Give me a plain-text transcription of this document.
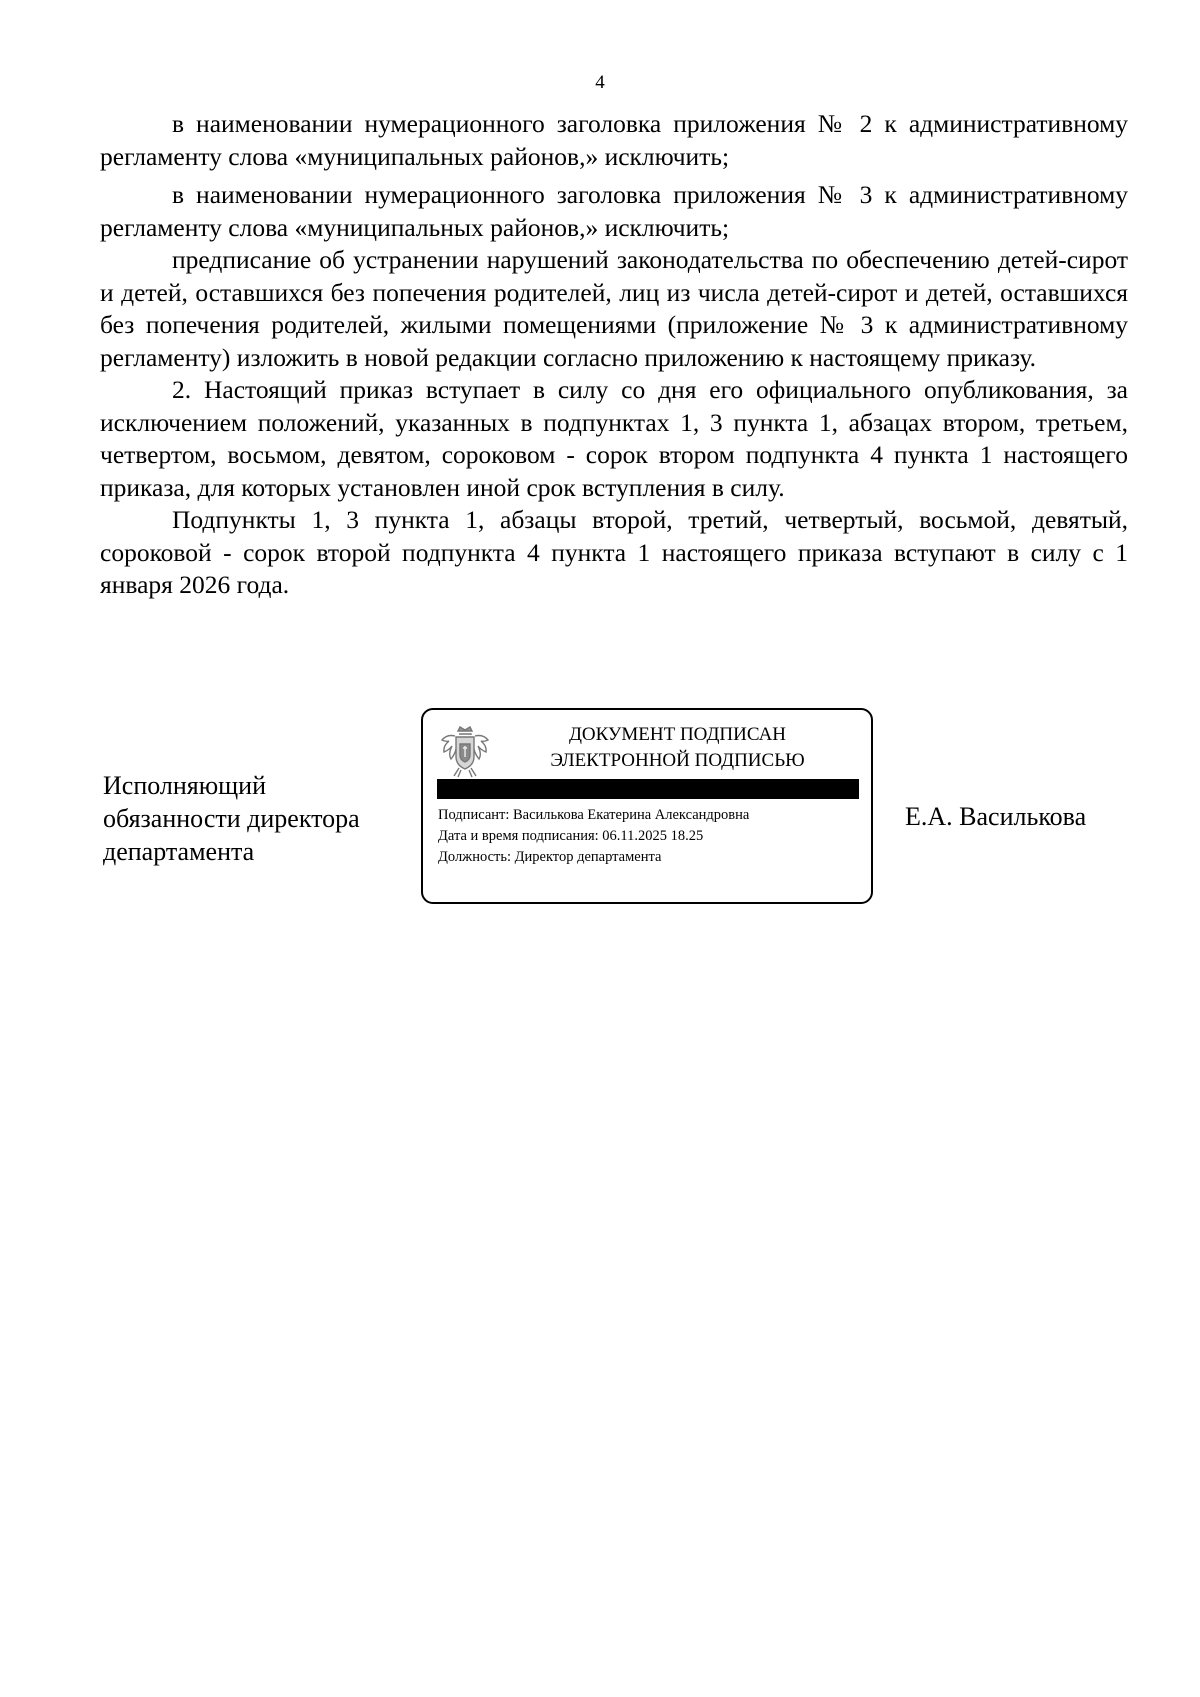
4

в наименовании нумерационного заголовка приложения № 2 к административному регламенту слова «муниципальных районов,» исключить;

в наименовании нумерационного заголовка приложения № 3 к административному регламенту слова «муниципальных районов,» исключить;

предписание об устранении нарушений законодательства по обеспечению детей-сирот и детей, оставшихся без попечения родителей, лиц из числа детей-сирот и детей, оставшихся без попечения родителей, жилыми помещениями (приложение № 3 к административному регламенту) изложить в новой редакции согласно приложению к настоящему приказу.

2. Настоящий приказ вступает в силу со дня его официального опубликования, за исключением положений, указанных в подпунктах 1, 3 пункта 1, абзацах втором, третьем, четвертом, восьмом, девятом, сороковом - сорок втором подпункта 4 пункта 1 настоящего приказа, для которых установлен иной срок вступления в силу.

Подпункты 1, 3 пункта 1, абзацы второй, третий, четвертый, восьмой, девятый, сороковой - сорок второй подпункта 4 пункта 1 настоящего приказа вступают в силу с 1 января 2026 года.

Исполняющий
обязанности директора
департамента
ДОКУМЕНТ ПОДПИСАН
ЭЛЕКТРОННОЙ ПОДПИСЬЮ
Подписант: Василькова Екатерина Александровна
Дата и время подписания: 06.11.2025 18.25
Должность: Директор департамента
Е.А. Василькова
